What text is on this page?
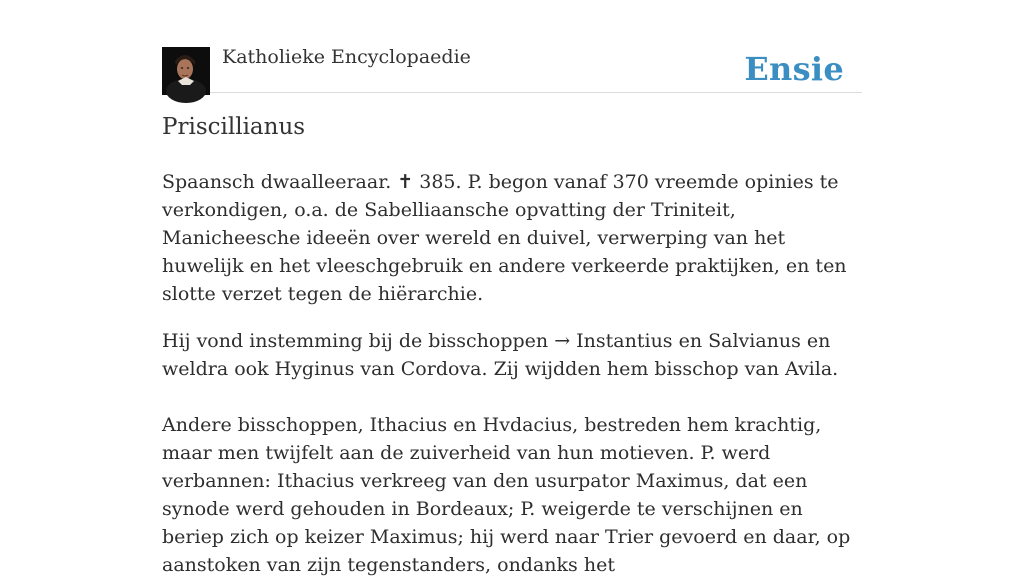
Katholieke Encyclopaedie	Ensie
Priscillianus

Spaansch dwaalleeraar. ✝ 385. P. begon vanaf 370 vreemde opinies te verkondigen, o.a. de Sabelliaansche opvatting der Triniteit, Manicheesche ideeën over wereld en duivel, verwerping van het huwelijk en het vleeschgebruik en andere verkeerde praktijken, en ten slotte verzet tegen de hiërarchie.

Hij vond instemming bij de bisschoppen → Instantius en Salvianus en weldra ook Hyginus van Cordova. Zij wijdden hem bisschop van Avila.

Andere bisschoppen, Ithacius en Hvdacius, bestreden hem krachtig, maar men twijfelt aan de zuiverheid van hun motieven. P. werd verbannen: Ithacius verkreeg van den usurpator Maximus, dat een synode werd gehouden in Bordeaux; P. weigerde te verschijnen en beriep zich op keizer Maximus; hij werd naar Trier gevoerd en daar, op aanstoken van zijn tegenstanders, ondanks het
